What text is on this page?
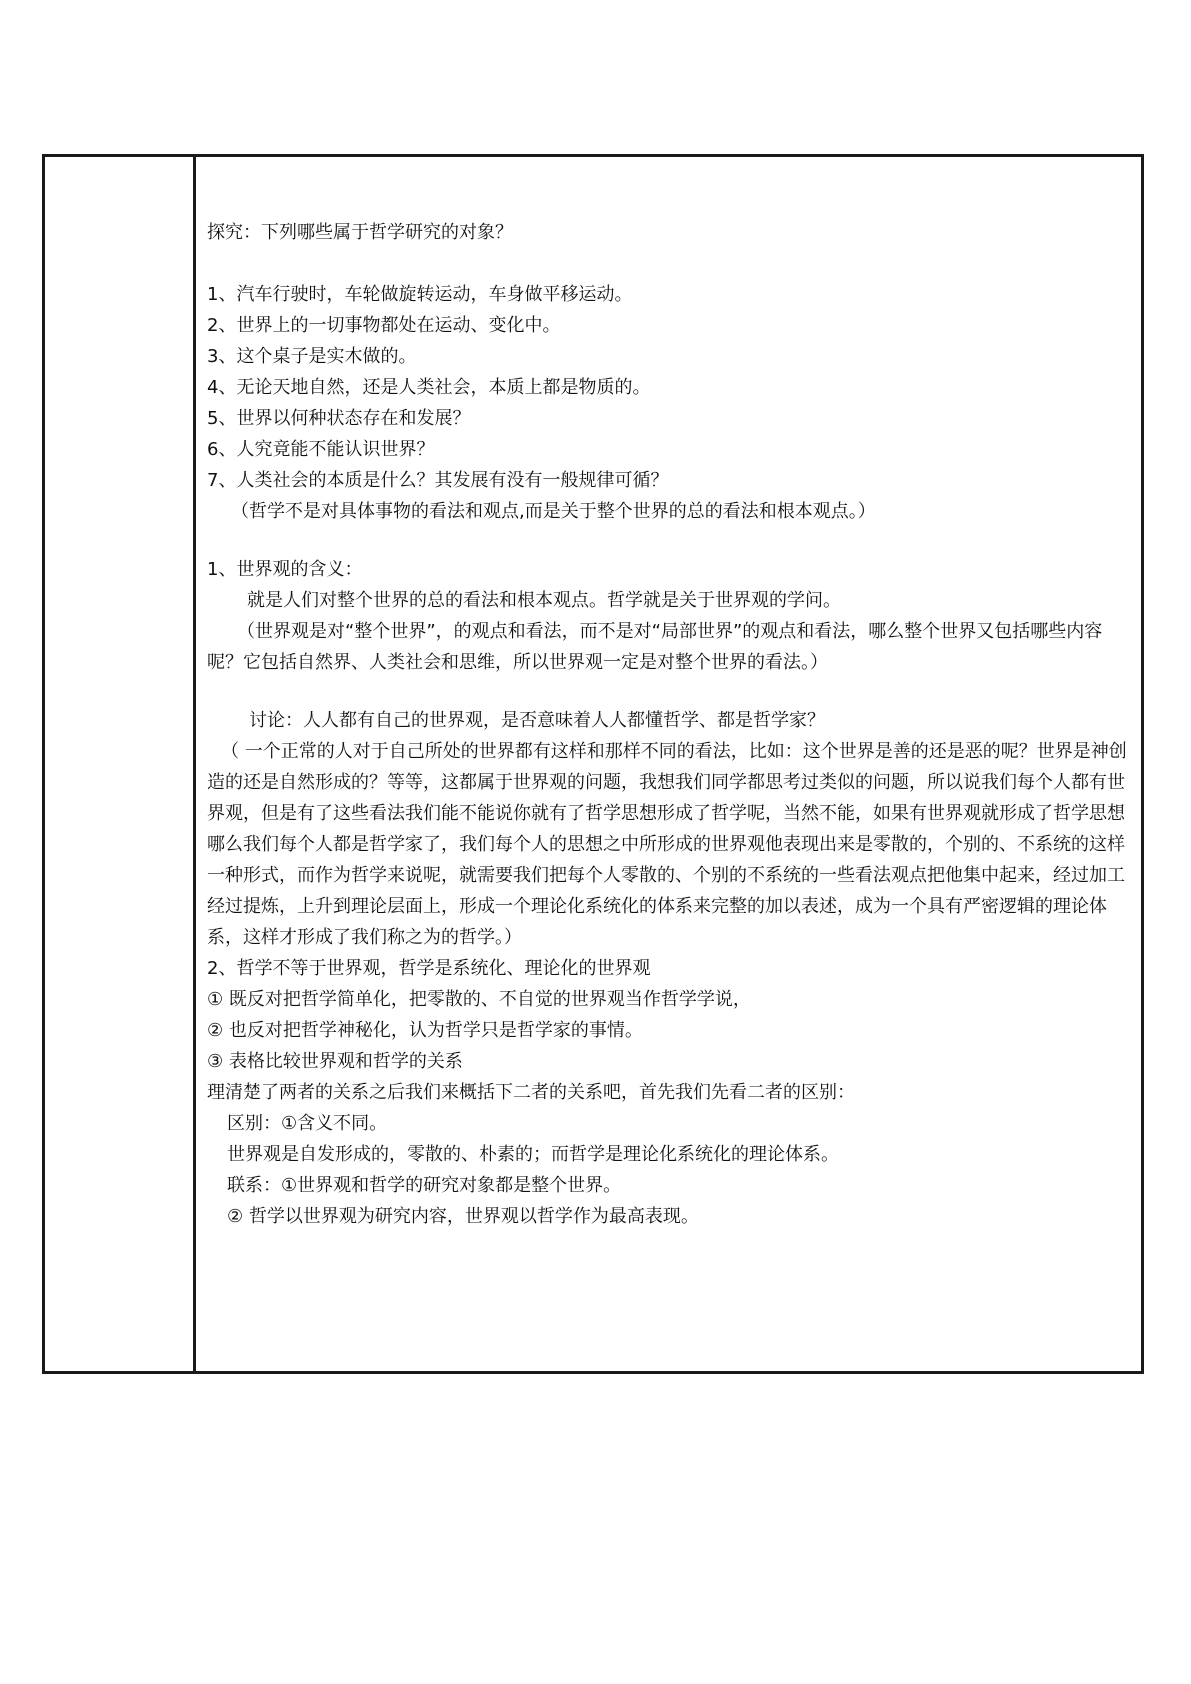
探究：下列哪些属于哲学研究的对象？

1、汽车行驶时，车轮做旋转运动，车身做平移运动。

2、世界上的一切事物都处在运动、变化中。

3、这个桌子是实木做的。

4、无论天地自然，还是人类社会，本质上都是物质的。

5、世界以何种状态存在和发展？

6、人究竟能不能认识世界？

7、人类社会的本质是什么？其发展有没有一般规律可循？

（哲学不是对具体事物的看法和观点,而是关于整个世界的总的看法和根本观点。）

1、世界观的含义：

就是人们对整个世界的总的看法和根本观点。哲学就是关于世界观的学问。

（世界观是对“整个世界”，的观点和看法，而不是对“局部世界”的观点和看法，哪么整个世界又包括哪些内容呢？它包括自然界、人类社会和思维，所以世界观一定是对整个世界的看法。）

讨论：人人都有自己的世界观，是否意味着人人都懂哲学、都是哲学家？

（ 一个正常的人对于自己所处的世界都有这样和那样不同的看法，比如：这个世界是善的还是恶的呢？世界是神创造的还是自然形成的？等等，这都属于世界观的问题，我想我们同学都思考过类似的问题，所以说我们每个人都有世界观，但是有了这些看法我们能不能说你就有了哲学思想形成了哲学呢，当然不能，如果有世界观就形成了哲学思想哪么我们每个人都是哲学家了，我们每个人的思想之中所形成的世界观他表现出来是零散的，个别的、不系统的这样一种形式，而作为哲学来说呢，就需要我们把每个人零散的、个别的不系统的一些看法观点把他集中起来，经过加工经过提炼，上升到理论层面上，形成一个理论化系统化的体系来完整的加以表述，成为一个具有严密逻辑的理论体系，这样才形成了我们称之为的哲学。）

2、哲学不等于世界观，哲学是系统化、理论化的世界观

① 既反对把哲学简单化，把零散的、不自觉的世界观当作哲学学说，

② 也反对把哲学神秘化，认为哲学只是哲学家的事情。

③ 表格比较世界观和哲学的关系

理清楚了两者的关系之后我们来概括下二者的关系吧，首先我们先看二者的区别：

区别：①含义不同。

世界观是自发形成的，零散的、朴素的；而哲学是理论化系统化的理论体系。

联系：①世界观和哲学的研究对象都是整个世界。

② 哲学以世界观为研究内容，世界观以哲学作为最高表现。
